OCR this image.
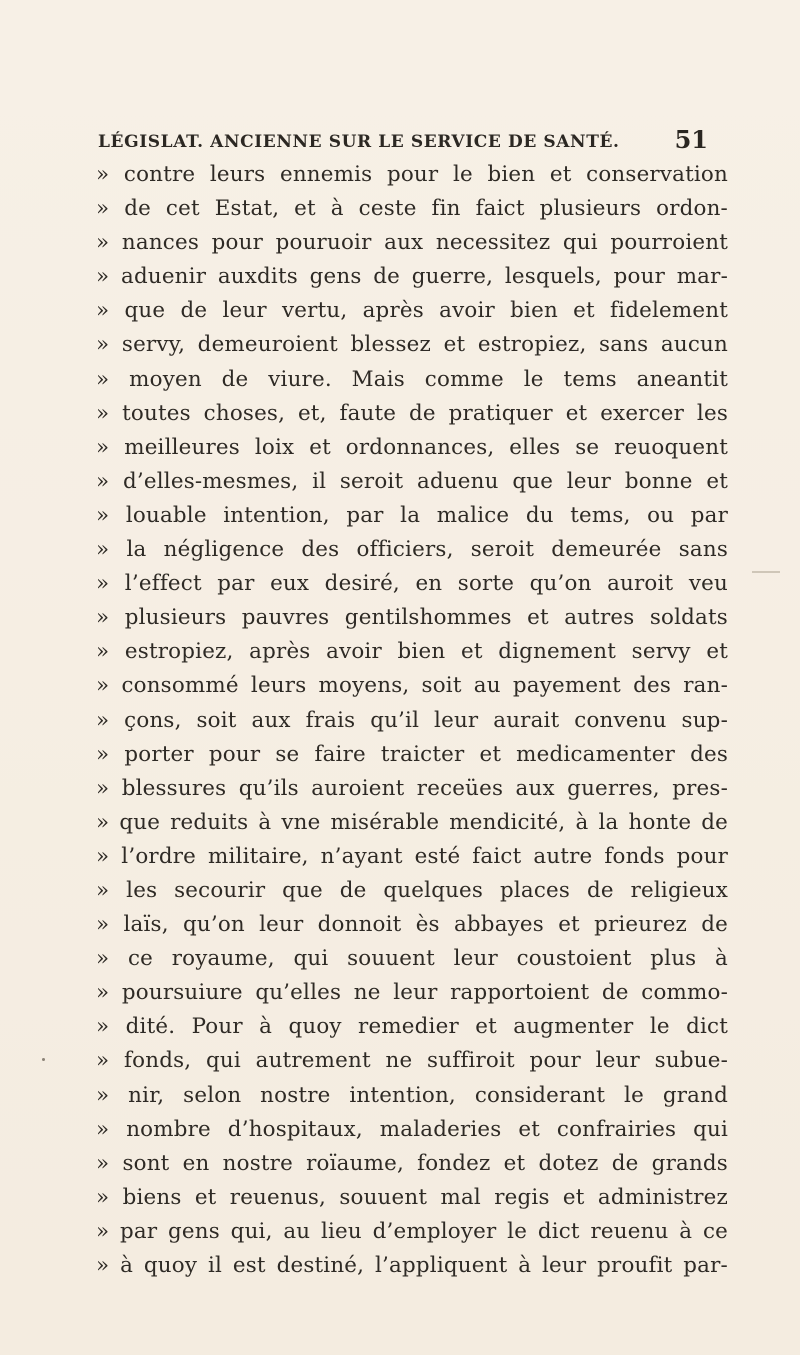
LÉGISLAT. ANCIENNE SUR LE SERVICE DE SANTÉ. 51
» contre leurs ennemis pour le bien et conservation
» de cet Estat, et à ceste fin faict plusieurs ordon-
» nances pour pouruoir aux necessitez qui pourroient
» aduenir auxdits gens de guerre, lesquels, pour mar-
» que de leur vertu, après avoir bien et fidelement
» servy, demeuroient blessez et estropiez, sans aucun
» moyen de viure. Mais comme le tems aneantit
» toutes choses, et, faute de pratiquer et exercer les
» meilleures loix et ordonnances, elles se reuoquent
» d’elles-mesmes, il seroit aduenu que leur bonne et
» louable intention, par la malice du tems, ou par
» la négligence des officiers, seroit demeurée sans
» l’effect par eux desiré, en sorte qu’on auroit veu
» plusieurs pauvres gentilshommes et autres soldats
» estropiez, après avoir bien et dignement servy et
» consommé leurs moyens, soit au payement des ran-
» çons, soit aux frais qu’il leur aurait convenu sup-
» porter pour se faire traicter et medicamenter des
» blessures qu’ils auroient receües aux guerres, pres-
» que reduits à vne misérable mendicité, à la honte de
» l’ordre militaire, n’ayant esté faict autre fonds pour
» les secourir que de quelques places de religieux
» laïs, qu’on leur donnoit ès abbayes et prieurez de
» ce royaume, qui souuent leur coustoient plus à
» poursuiure qu’elles ne leur rapportoient de commo-
» dité. Pour à quoy remedier et augmenter le dict
» fonds, qui autrement ne suffiroit pour leur subue-
» nir, selon nostre intention, considerant le grand
» nombre d’hospitaux, maladeries et confrairies qui
» sont en nostre roïaume, fondez et dotez de grands
» biens et reuenus, souuent mal regis et administrez
» par gens qui, au lieu d’employer le dict reuenu à ce
» à quoy il est destiné, l’appliquent à leur proufit par-
